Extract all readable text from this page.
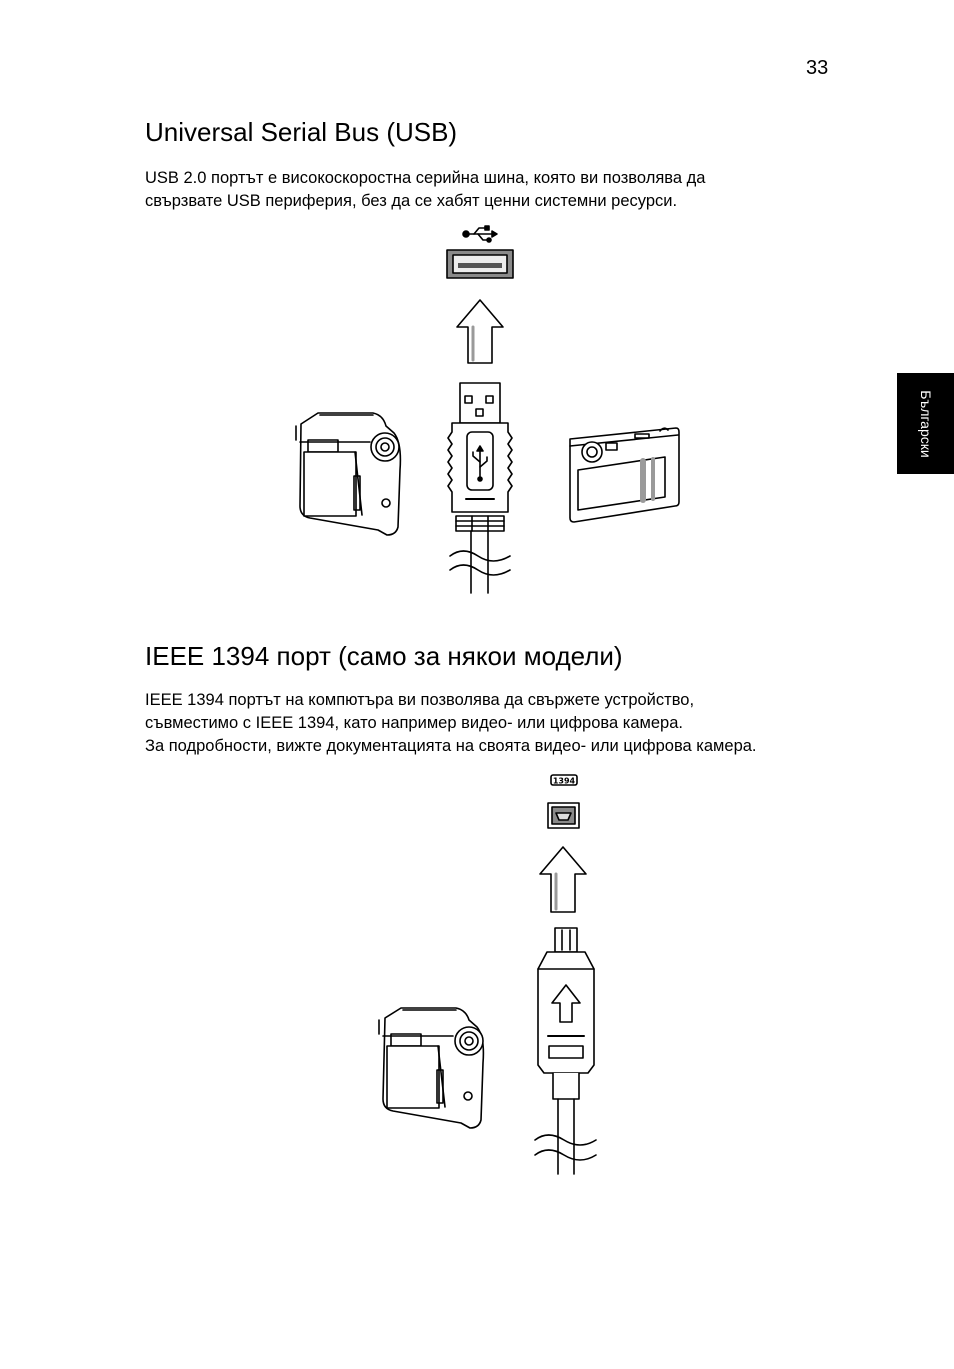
33
Български
Universal Serial Bus (USB)
USB 2.0 портът е високоскоростна серийна шина, която ви позволява да
свързвате USB периферия, без да се хабят ценни системни ресурси.
IEEE 1394 порт (само за някои модели)
IEEE 1394 портът на компютъра ви позволява да свържете устройство,
съвместимо с IEEE 1394, като например видео- или цифрова камера.
За подробности, вижте документацията на своята видео- или цифрова камера.
1394
